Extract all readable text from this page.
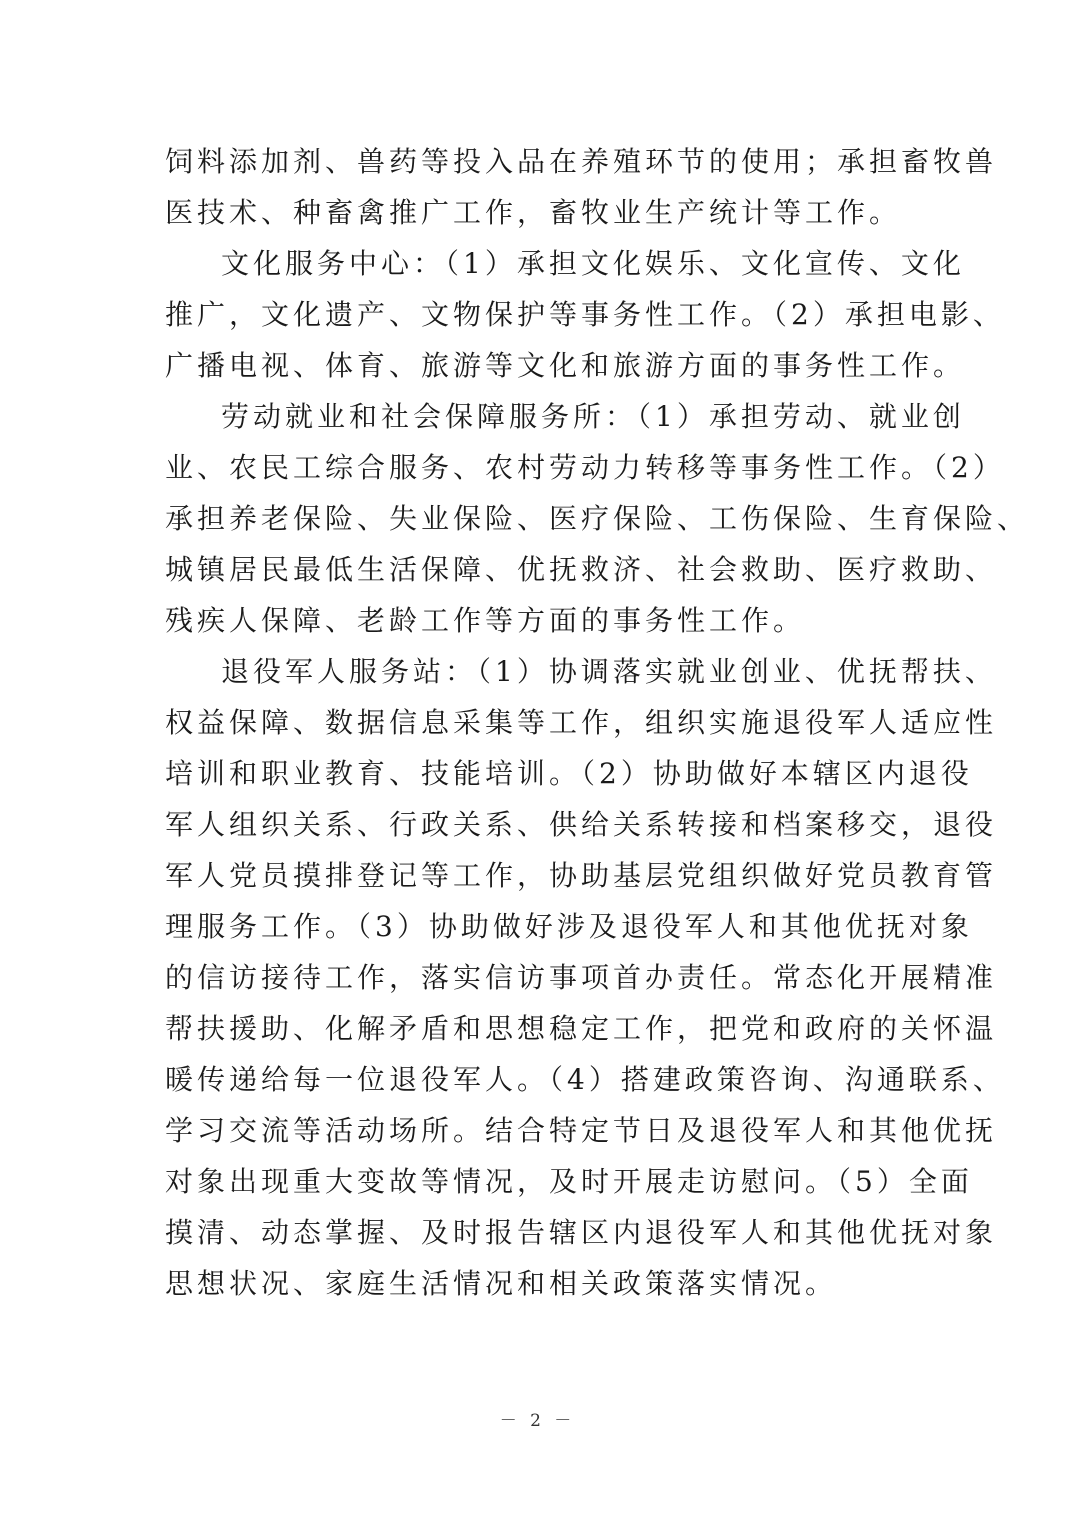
饲料添加剂、兽药等投入品在养殖环节的使用；承担畜牧兽
医技术、种畜禽推广工作，畜牧业生产统计等工作。
文化服务中心：（1）承担文化娱乐、文化宣传、文化
推广，文化遗产、文物保护等事务性工作。（2）承担电影、
广播电视、体育、旅游等文化和旅游方面的事务性工作。
劳动就业和社会保障服务所：（1）承担劳动、就业创
业、农民工综合服务、农村劳动力转移等事务性工作。（2）
承担养老保险、失业保险、医疗保险、工伤保险、生育保险、
城镇居民最低生活保障、优抚救济、社会救助、医疗救助、
残疾人保障、老龄工作等方面的事务性工作。
退役军人服务站：（1）协调落实就业创业、优抚帮扶、
权益保障、数据信息采集等工作，组织实施退役军人适应性
培训和职业教育、技能培训。（2）协助做好本辖区内退役
军人组织关系、行政关系、供给关系转接和档案移交，退役
军人党员摸排登记等工作，协助基层党组织做好党员教育管
理服务工作。（3）协助做好涉及退役军人和其他优抚对象
的信访接待工作，落实信访事项首办责任。常态化开展精准
帮扶援助、化解矛盾和思想稳定工作，把党和政府的关怀温
暖传递给每一位退役军人。（4）搭建政策咨询、沟通联系、
学习交流等活动场所。结合特定节日及退役军人和其他优抚
对象出现重大变故等情况，及时开展走访慰问。（5）全面
摸清、动态掌握、及时报告辖区内退役军人和其他优抚对象
思想状况、家庭生活情况和相关政策落实情况。
－ 2 －
